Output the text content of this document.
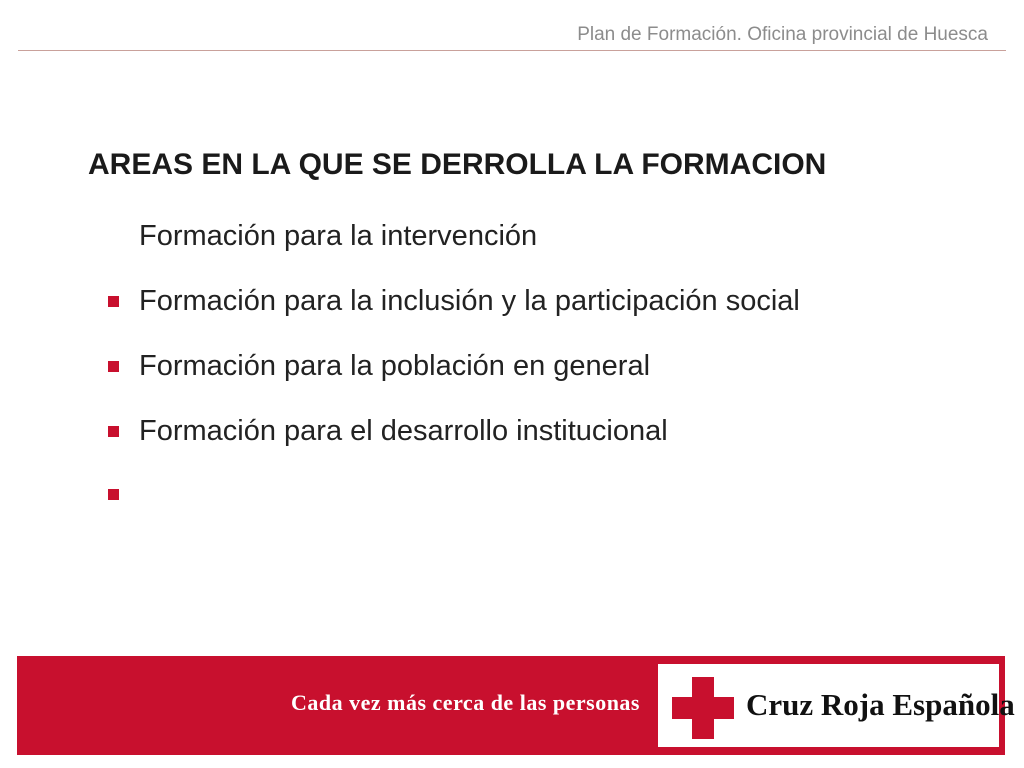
Plan de Formación. Oficina provincial de Huesca
AREAS EN LA QUE SE DERROLLA LA FORMACION
Formación para la intervención
Formación para la inclusión y la participación social
Formación para la población en general
Formación para el desarrollo institucional
Cada vez más cerca de las personas	Cruz Roja Española
